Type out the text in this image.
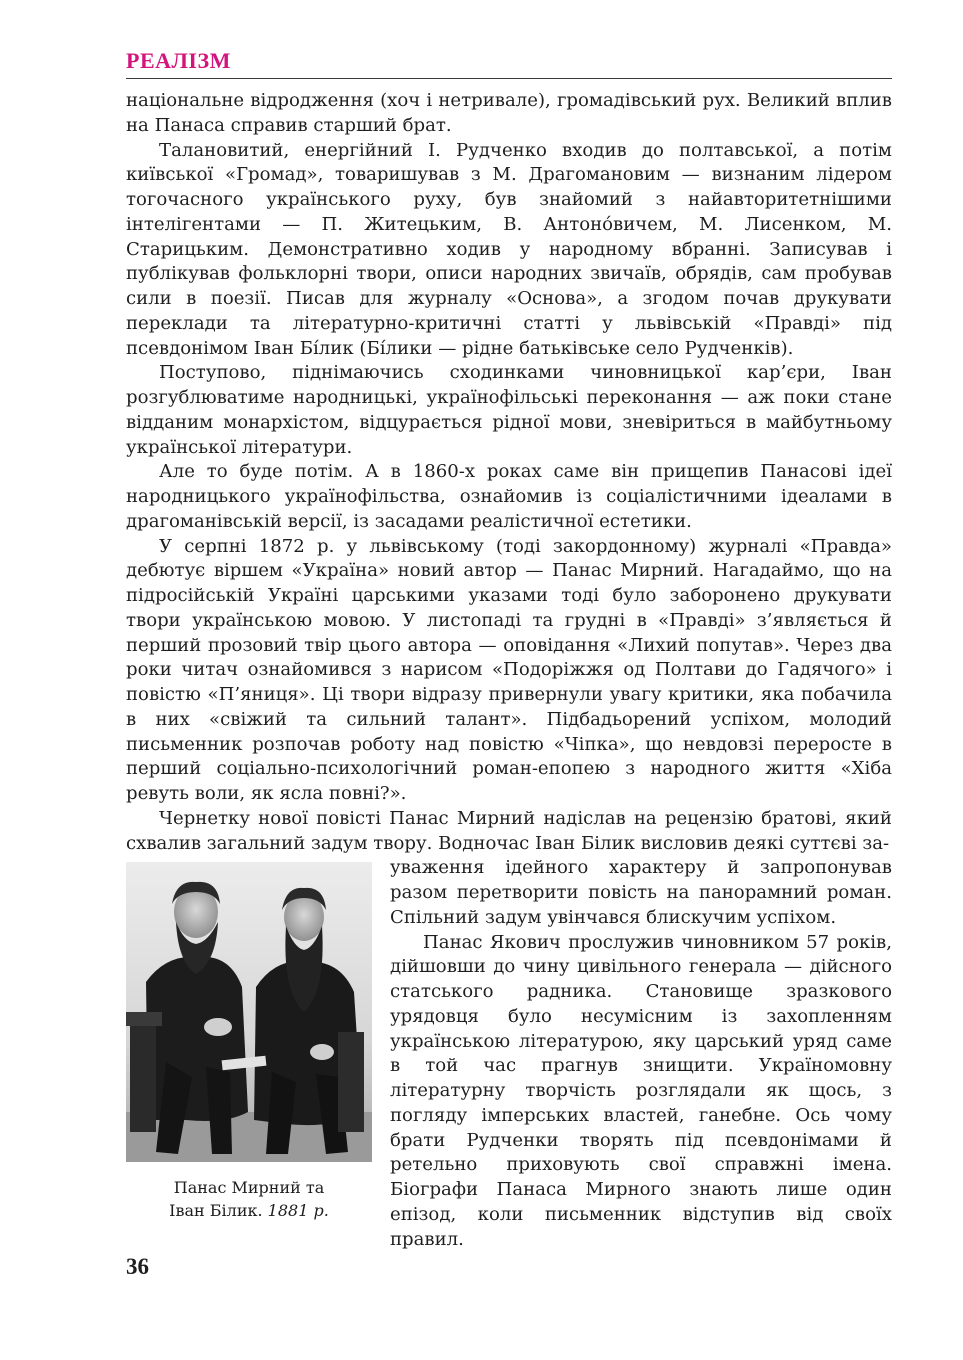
РЕАЛІЗМ

національне відродження (хоч і нетривале), громадівський рух. Великий вплив на Панаса справив старший брат.

Талановитий, енергійний І. Рудченко входив до полтавської, а потім київської «Громад», товаришував з М. Драгомановим — визнаним лідером тогочасного українського руху, був знайомий з найавторитетнішими інтелігентами — П. Житецьким, В. Антоно́вичем, М. Лисенком, М. Старицьким. Демонстративно ходив у народному вбранні. Записував і публікував фольклорні твори, описи народних звичаїв, обрядів, сам пробував сили в поезії. Писав для журналу «Основа», а згодом почав друкувати переклади та літературно-критичні статті у львівській «Правді» під псевдонімом Іван Бі́лик (Бі́лики — рідне батьківське село Рудченків).

Поступово, піднімаючись сходинками чиновницької кар’єри, Іван розгублюватиме народницькі, українофільські переконання — аж поки стане відданим монархістом, відцурається рідної мови, зневіриться в майбутньому української літератури.

Але то буде потім. А в 1860-х роках саме він прищепив Панасові ідеї народницького українофільства, ознайомив із соціалістичними ідеалами в драгоманівській версії, із засадами реалістичної естетики.

У серпні 1872 р. у львівському (тоді закордонному) журналі «Правда» дебютує віршем «Україна» новий автор — Панас Мирний. Нагадаймо, що на підросійській Україні царськими указами тоді було заборонено друкувати твори українською мовою. У листопаді та грудні в «Правді» з’являється й перший прозовий твір цього автора — оповідання «Лихий попутав». Через два роки читач ознайомився з нарисом «Подоріжжя од Полтави до Гадячого» і повістю «П’яниця». Ці твори відразу привернули увагу критики, яка побачила в них «свіжий та сильний талант». Підбадьорений успіхом, молодий письменник розпочав роботу над повістю «Чіпка», що невдовзі переросте в перший соціально-психологічний роман-епопею з народного життя «Хіба ревуть воли, як ясла повні?».

Чернетку нової повісті Панас Мирний надіслав на рецензію братові, який схвалив загальний задум твору. Водночас Іван Білик висловив деякі суттєві за-

Панас Мирний та
Іван Білик. 1881 р.

уваження ідейного характеру й запропонував разом перетворити повість на панорамний роман. Спільний задум увінчався блискучим успіхом.

Панас Якович прослужив чиновником 57 років, дійшовши до чину цивільного генерала — дійсного статського радника. Становище зразкового урядовця було несумісним із захопленням українською літературою, яку царський уряд саме в той час прагнув знищити. Україномовну літературну творчість розглядали як щось, з погляду імперських властей, ганебне. Ось чому брати Рудченки творять під псевдонімами й ретельно приховують свої справжні імена. Біографи Панаса Мирного знають лише один епізод, коли письменник відступив від своїх правил.

36
